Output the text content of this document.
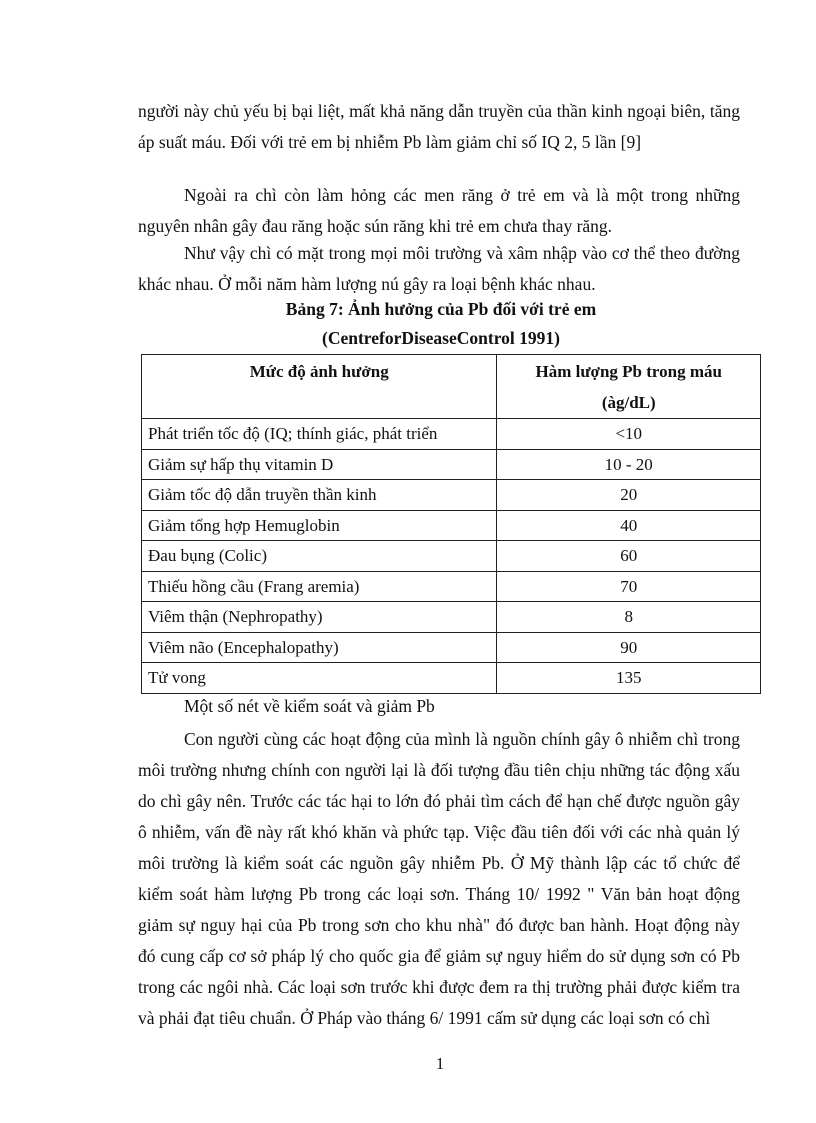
người này chủ yếu bị bại liệt, mất khả năng dẫn truyền của thần kinh ngoại biên, tăng áp suất máu. Đối với trẻ em bị nhiễm Pb làm giảm chỉ số IQ 2, 5 lần [9]

Ngoài ra chì còn làm hỏng các men răng ở trẻ em và là một trong những nguyên nhân gây đau răng hoặc sún răng khi trẻ em chưa thay răng.

Như vậy chì có mặt trong mọi môi trường và xâm nhập vào cơ thể theo đường khác nhau. Ở mỗi năm hàm lượng nú gây ra loại bệnh khác nhau.

Bảng 7: Ảnh hưởng của Pb đối với trẻ em

(CentreforDiseaseControl 1991)

Mức độ ảnh hưởng	Hàm lượng Pb trong máu
(àg/dL)

Phát triển tốc độ (IQ; thính giác, phát triển	<10
Giảm sự hấp thụ vitamin D	10 - 20
Giảm tốc độ dẫn truyền thần kinh	20
Giảm tổng hợp Hemuglobin	40
Đau bụng (Colic)	60
Thiếu hồng cầu (Frang aremia)	70
Viêm thận (Nephropathy)	8
Viêm não (Encephalopathy)	90
Tử vong	135

Một số nét về kiểm soát và giảm Pb

Con người cùng các hoạt động của mình là nguồn chính gây ô nhiễm chì trong môi trường nhưng chính con người lại là đối tượng đầu tiên chịu những tác động xấu do chì gây nên. Trước các tác hại to lớn đó phải tìm cách để hạn chế được nguồn gây ô nhiễm, vấn đề này rất khó khăn và phức tạp. Việc đầu tiên đối với các nhà quản lý môi trường là kiểm soát các nguồn gây nhiễm Pb. Ở Mỹ thành lập các tổ chức để kiểm soát hàm lượng Pb trong các loại sơn. Tháng 10/ 1992 " Văn bản hoạt động giảm sự nguy hại của Pb trong sơn cho khu nhà" đó được ban hành. Hoạt động này đó cung cấp cơ sở pháp lý cho quốc gia để giảm sự nguy hiểm do sử dụng sơn có Pb trong các ngôi nhà. Các loại sơn trước khi được đem ra thị trường phải được kiểm tra và phải đạt tiêu chuẩn. Ở Pháp vào tháng 6/ 1991 cấm sử dụng các loại sơn có chì

1
